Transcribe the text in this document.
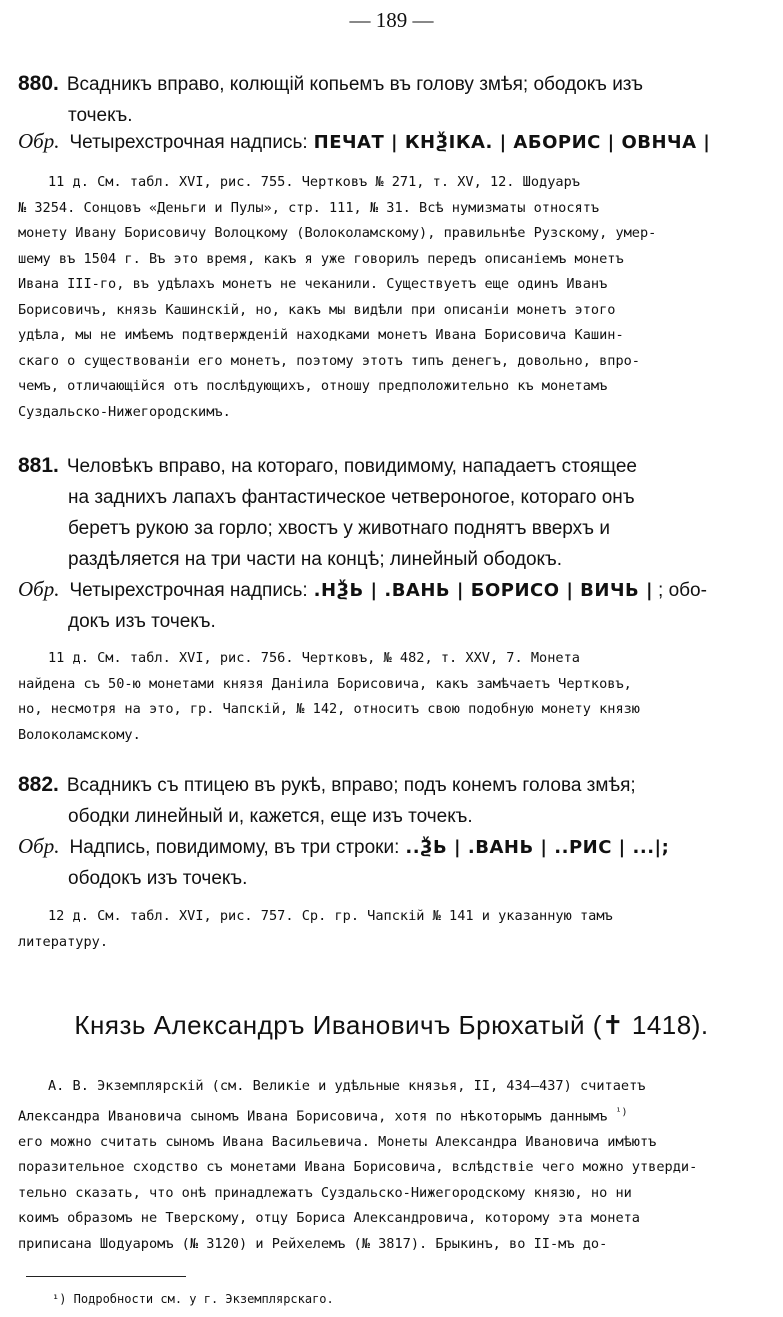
— 189 —
880. Всадникъ вправо, колющій копьемъ въ голову змѣя; ободокъ изъ
точекъ.
Обр. Четырехстрочная надпись: ПЕЧАТ | КНѮІКА. | АБОРИС | ОВНЧА |
11 д. См. табл. XVI, рис. 755. Чертковъ № 271, т. XV, 12. Шодуаръ
№ 3254. Сонцовъ «Деньги и Пулы», стр. 111, № 31. Всѣ нумизматы относятъ
монету Ивану Борисовичу Волоцкому (Волоколамскому), правильнѣе Рузскому, умер-
шему въ 1504 г. Въ это время, какъ я уже говорилъ передъ описаніемъ монетъ
Ивана III-го, въ удѣлахъ монетъ не чеканили. Существуетъ еще одинъ Иванъ
Борисовичъ, князь Кашинскій, но, какъ мы видѣли при описаніи монетъ этого
удѣла, мы не имѣемъ подтвержденій находками монетъ Ивана Борисовича Кашин-
скаго о существованіи его монетъ, поэтому этотъ типъ денегъ, довольно, впро-
чемъ, отличающійся отъ послѣдующихъ, отношу предположительно къ монетамъ
Суздальско-Нижегородскимъ.
881. Человѣкъ вправо, на котораго, повидимому, нападаетъ стоящее
на заднихъ лапахъ фантастическое четвероногое, котораго онъ
беретъ рукою за горло; хвостъ у животнаго поднятъ вверхъ и
раздѣляется на три части на концѣ; линейный ободокъ.
Обр. Четырехстрочная надпись: .НѮЬ | .ВАНЬ | БОРИСО | ВИЧЬ | ; обо-
докъ изъ точекъ.
11 д. См. табл. XVI, рис. 756. Чертковъ, № 482, т. XXV, 7. Монета
найдена съ 50-ю монетами князя Даніила Борисовича, какъ замѣчаетъ Чертковъ,
но, несмотря на это, гр. Чапскій, № 142, относитъ свою подобную монету князю
Волоколамскому.
882. Всадникъ съ птицею въ рукѣ, вправо; подъ конемъ голова змѣя;
ободки линейный и, кажется, еще изъ точекъ.
Обр. Надпись, повидимому, въ три строки: ..ѮЬ | .ВАНЬ | ..РИС | ...|;
ободокъ изъ точекъ.
12 д. См. табл. XVI, рис. 757. Ср. гр. Чапскій № 141 и указанную тамъ
литературу.
Князь Александръ Ивановичъ Брюхатый (✝ 1418).
А. В. Экземплярскій (см. Великіе и удѣльные князья, II, 434—437) считаетъ
Александра Ивановича сыномъ Ивана Борисовича, хотя по нѣкоторымъ даннымъ $^{^1)}$
его можно считать сыномъ Ивана Васильевича. Монеты Александра Ивановича имѣютъ
поразительное сходство съ монетами Ивана Борисовича, вслѣдствіе чего можно утверди-
тельно сказать, что онѣ принадлежатъ Суздальско-Нижегородскому князю, но ни
коимъ образомъ не Тверскому, отцу Бориса Александровича, которому эта монета
приписана Шодуаромъ (№ 3120) и Рейхелемъ (№ 3817). Брыкинъ, во II-мъ до-
¹) Подробности см. у г. Экземплярскаго.
